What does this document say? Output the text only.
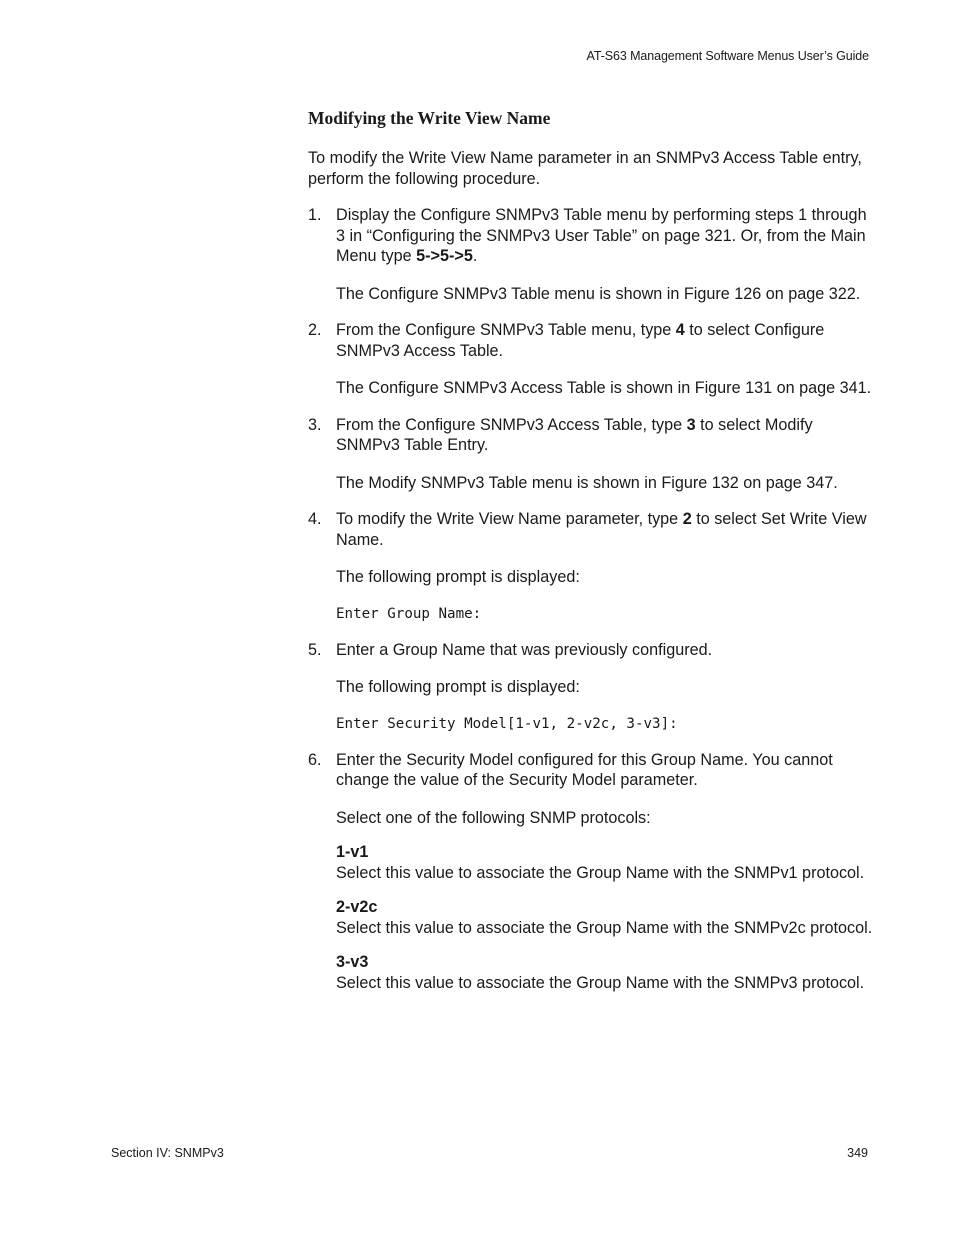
AT-S63 Management Software Menus User’s Guide
Modifying the Write View Name

To modify the Write View Name parameter in an SNMPv3 Access Table entry, perform the following procedure.

1. Display the Configure SNMPv3 Table menu by performing steps 1 through 3 in “Configuring the SNMPv3 User Table” on page 321. Or, from the Main Menu type 5->5->5.

The Configure SNMPv3 Table menu is shown in Figure 126 on page 322.

2. From the Configure SNMPv3 Table menu, type 4 to select Configure SNMPv3 Access Table.

The Configure SNMPv3 Access Table is shown in Figure 131 on page 341.

3. From the Configure SNMPv3 Access Table, type 3 to select Modify SNMPv3 Table Entry.

The Modify SNMPv3 Table menu is shown in Figure 132 on page 347.

4. To modify the Write View Name parameter, type 2 to select Set Write View Name.

The following prompt is displayed:

Enter Group Name:
5. Enter a Group Name that was previously configured.

The following prompt is displayed:

Enter Security Model[1-v1, 2-v2c, 3-v3]:
6. Enter the Security Model configured for this Group Name. You cannot change the value of the Security Model parameter.

Select one of the following SNMP protocols:

1-v1

Select this value to associate the Group Name with the SNMPv1 protocol.

2-v2c

Select this value to associate the Group Name with the SNMPv2c protocol.

3-v3

Select this value to associate the Group Name with the SNMPv3 protocol.

Section IV: SNMPv3	349
